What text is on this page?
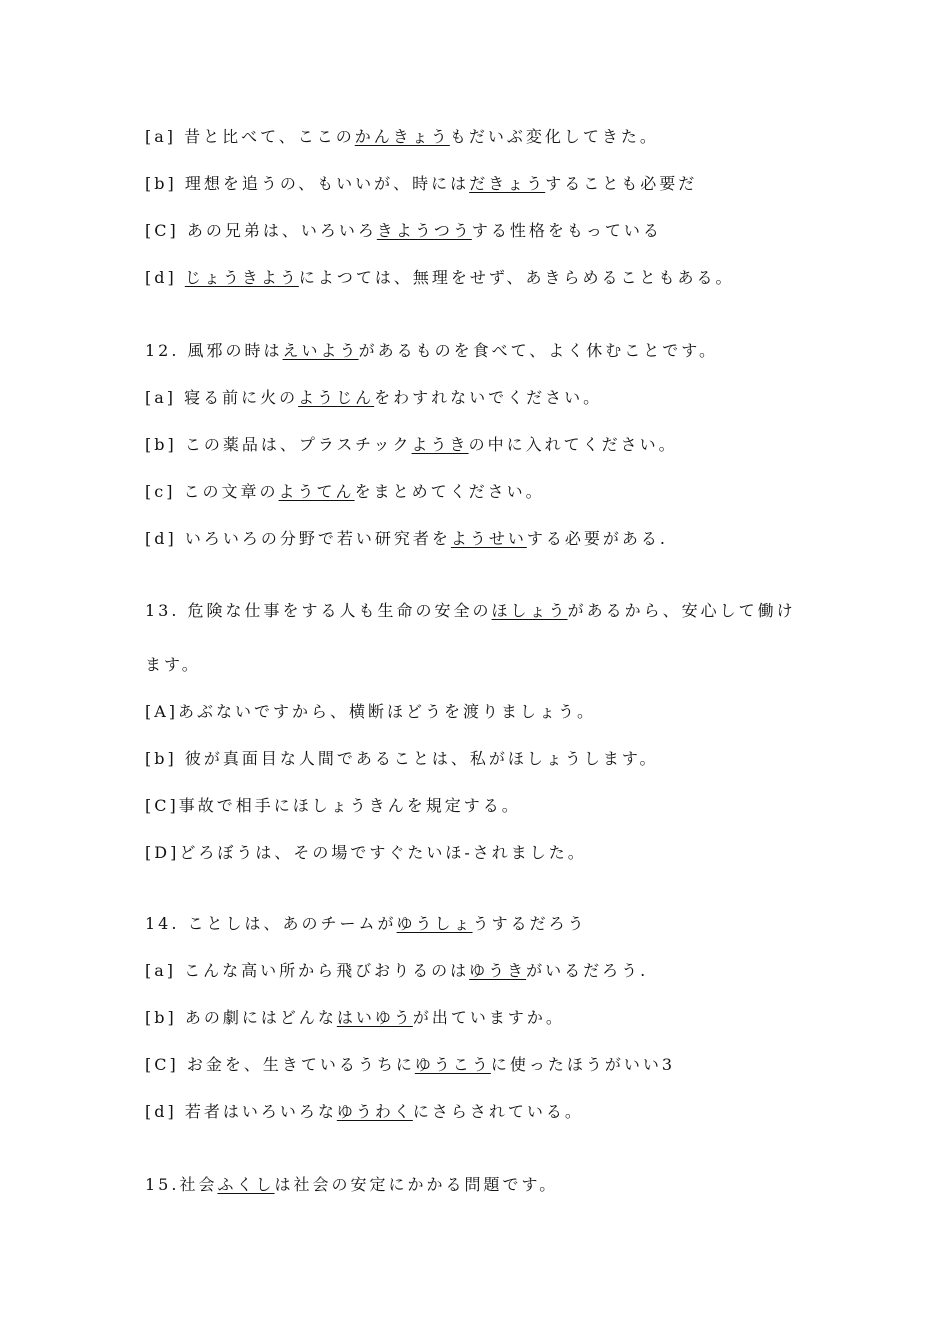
[a] 昔と比べて、ここのかんきょうもだいぶ変化してきた。
[b] 理想を追うの、もいいが、時にはだきょうすることも必要だ
[C] あの兄弟は、いろいろきようつうする性格をもっている
[d] じょうきようによつては、無理をせず、あきらめることもある。
12. 風邪の時はえいようがあるものを食べて、よく休むことです。
[a] 寝る前に火のようじんをわすれないでください。
[b] この薬品は、プラスチックようきの中に入れてください。
[c] この文章のようてんをまとめてください。
[d] いろいろの分野で若い研究者をようせいする必要がある.
13. 危険な仕事をする人も生命の安全のほしょうがあるから、安心して働け
ます。
[A]あぶないですから、横断ほどうを渡りましょう。
[b] 彼が真面目な人間であることは、私がほしょうします。
[C]事故で相手にほしょうきんを規定する。
[D]どろぼうは、その場ですぐたいほ-されました。
14. ことしは、あのチームがゆうしょうするだろう
[a] こんな高い所から飛びおりるのはゆうきがいるだろう.
[b] あの劇にはどんなはいゆうが出ていますか。
[C] お金を、生きているうちにゆうこうに使ったほうがいい3
[d] 若者はいろいろなゆうわくにさらされている。
15.社会ふくしは社会の安定にかかる問題です。
